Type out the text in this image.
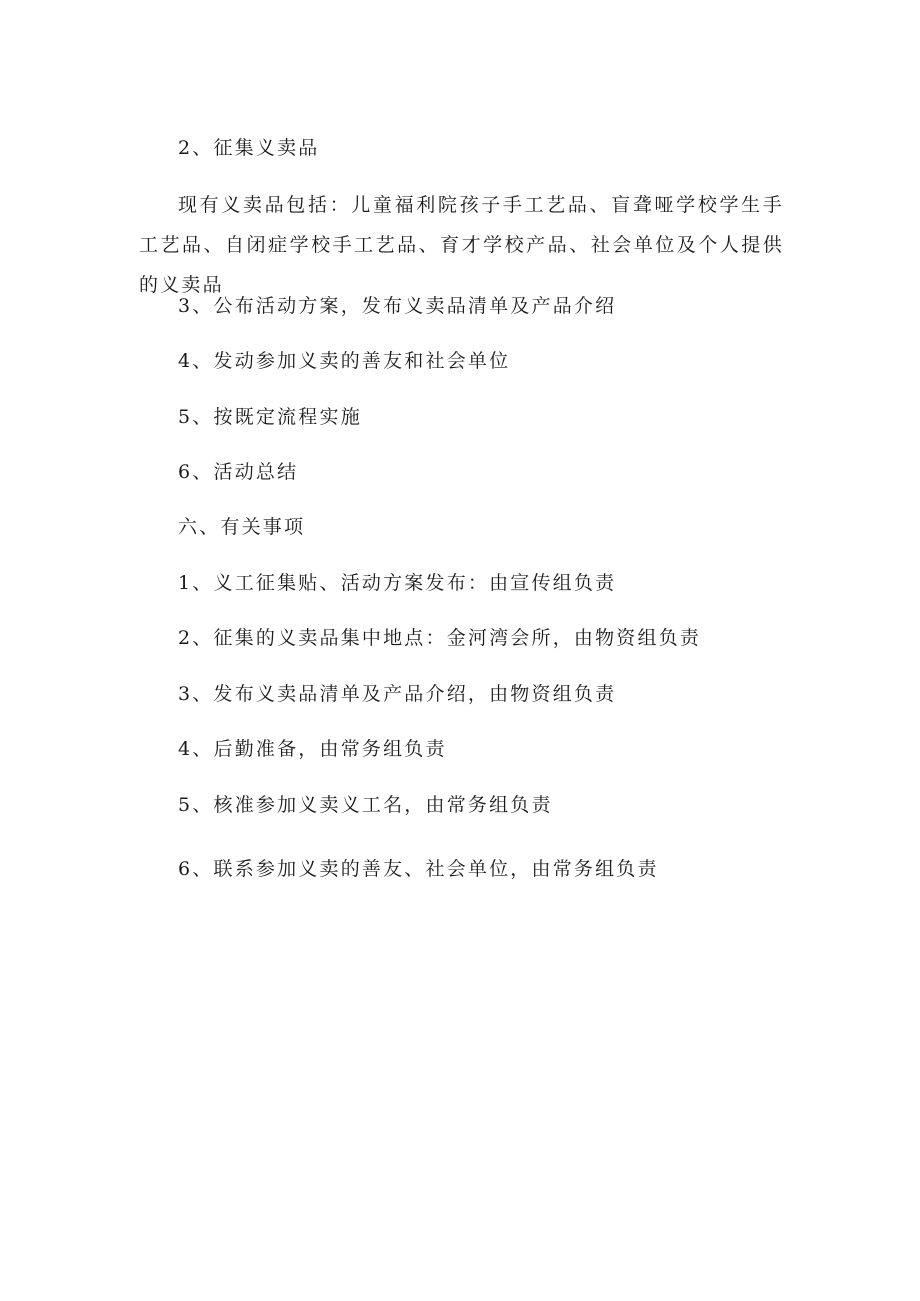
2、征集义卖品
现有义卖品包括：儿童福利院孩子手工艺品、盲聋哑学校学生手工艺品、自闭症学校手工艺品、育才学校产品、社会单位及个人提供的义卖品
3、公布活动方案，发布义卖品清单及产品介绍
4、发动参加义卖的善友和社会单位
5、按既定流程实施
6、活动总结
六、有关事项
1、义工征集贴、活动方案发布：由宣传组负责
2、征集的义卖品集中地点：金河湾会所，由物资组负责
3、发布义卖品清单及产品介绍，由物资组负责
4、后勤准备，由常务组负责
5、核准参加义卖义工名，由常务组负责
6、联系参加义卖的善友、社会单位，由常务组负责
